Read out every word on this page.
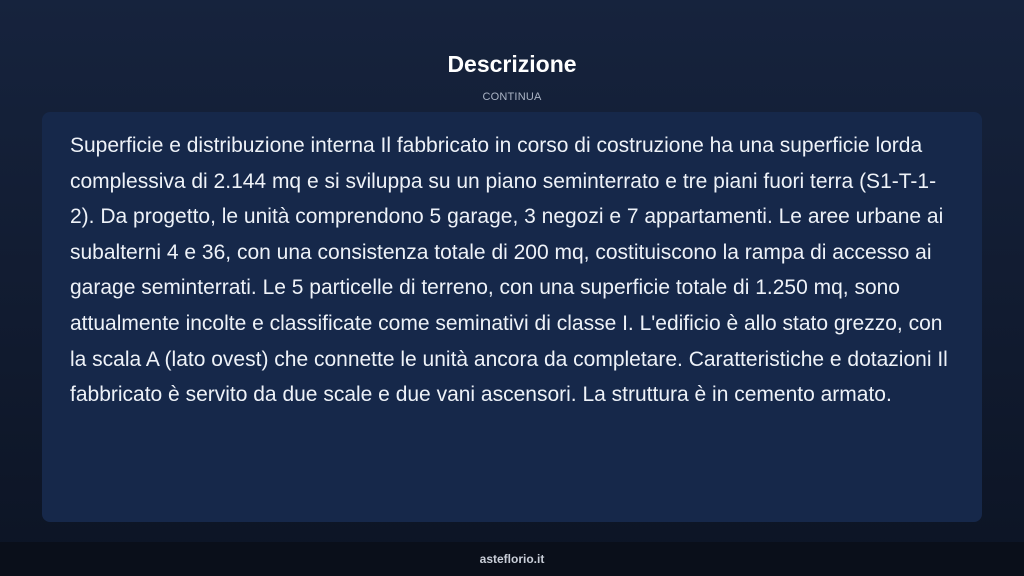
Descrizione
CONTINUA

Superficie e distribuzione interna Il fabbricato in corso di costruzione ha una superficie lorda complessiva di 2.144 mq e si sviluppa su un piano seminterrato e tre piani fuori terra (S1-T-1-2). Da progetto, le unità comprendono 5 garage, 3 negozi e 7 appartamenti. Le aree urbane ai subalterni 4 e 36, con una consistenza totale di 200 mq, costituiscono la rampa di accesso ai garage seminterrati. Le 5 particelle di terreno, con una superficie totale di 1.250 mq, sono attualmente incolte e classificate come seminativi di classe I. L'edificio è allo stato grezzo, con la scala A (lato ovest) che connette le unità ancora da completare. Caratteristiche e dotazioni Il fabbricato è servito da due scale e due vani ascensori. La struttura è in cemento armato.

asteflorio.it
